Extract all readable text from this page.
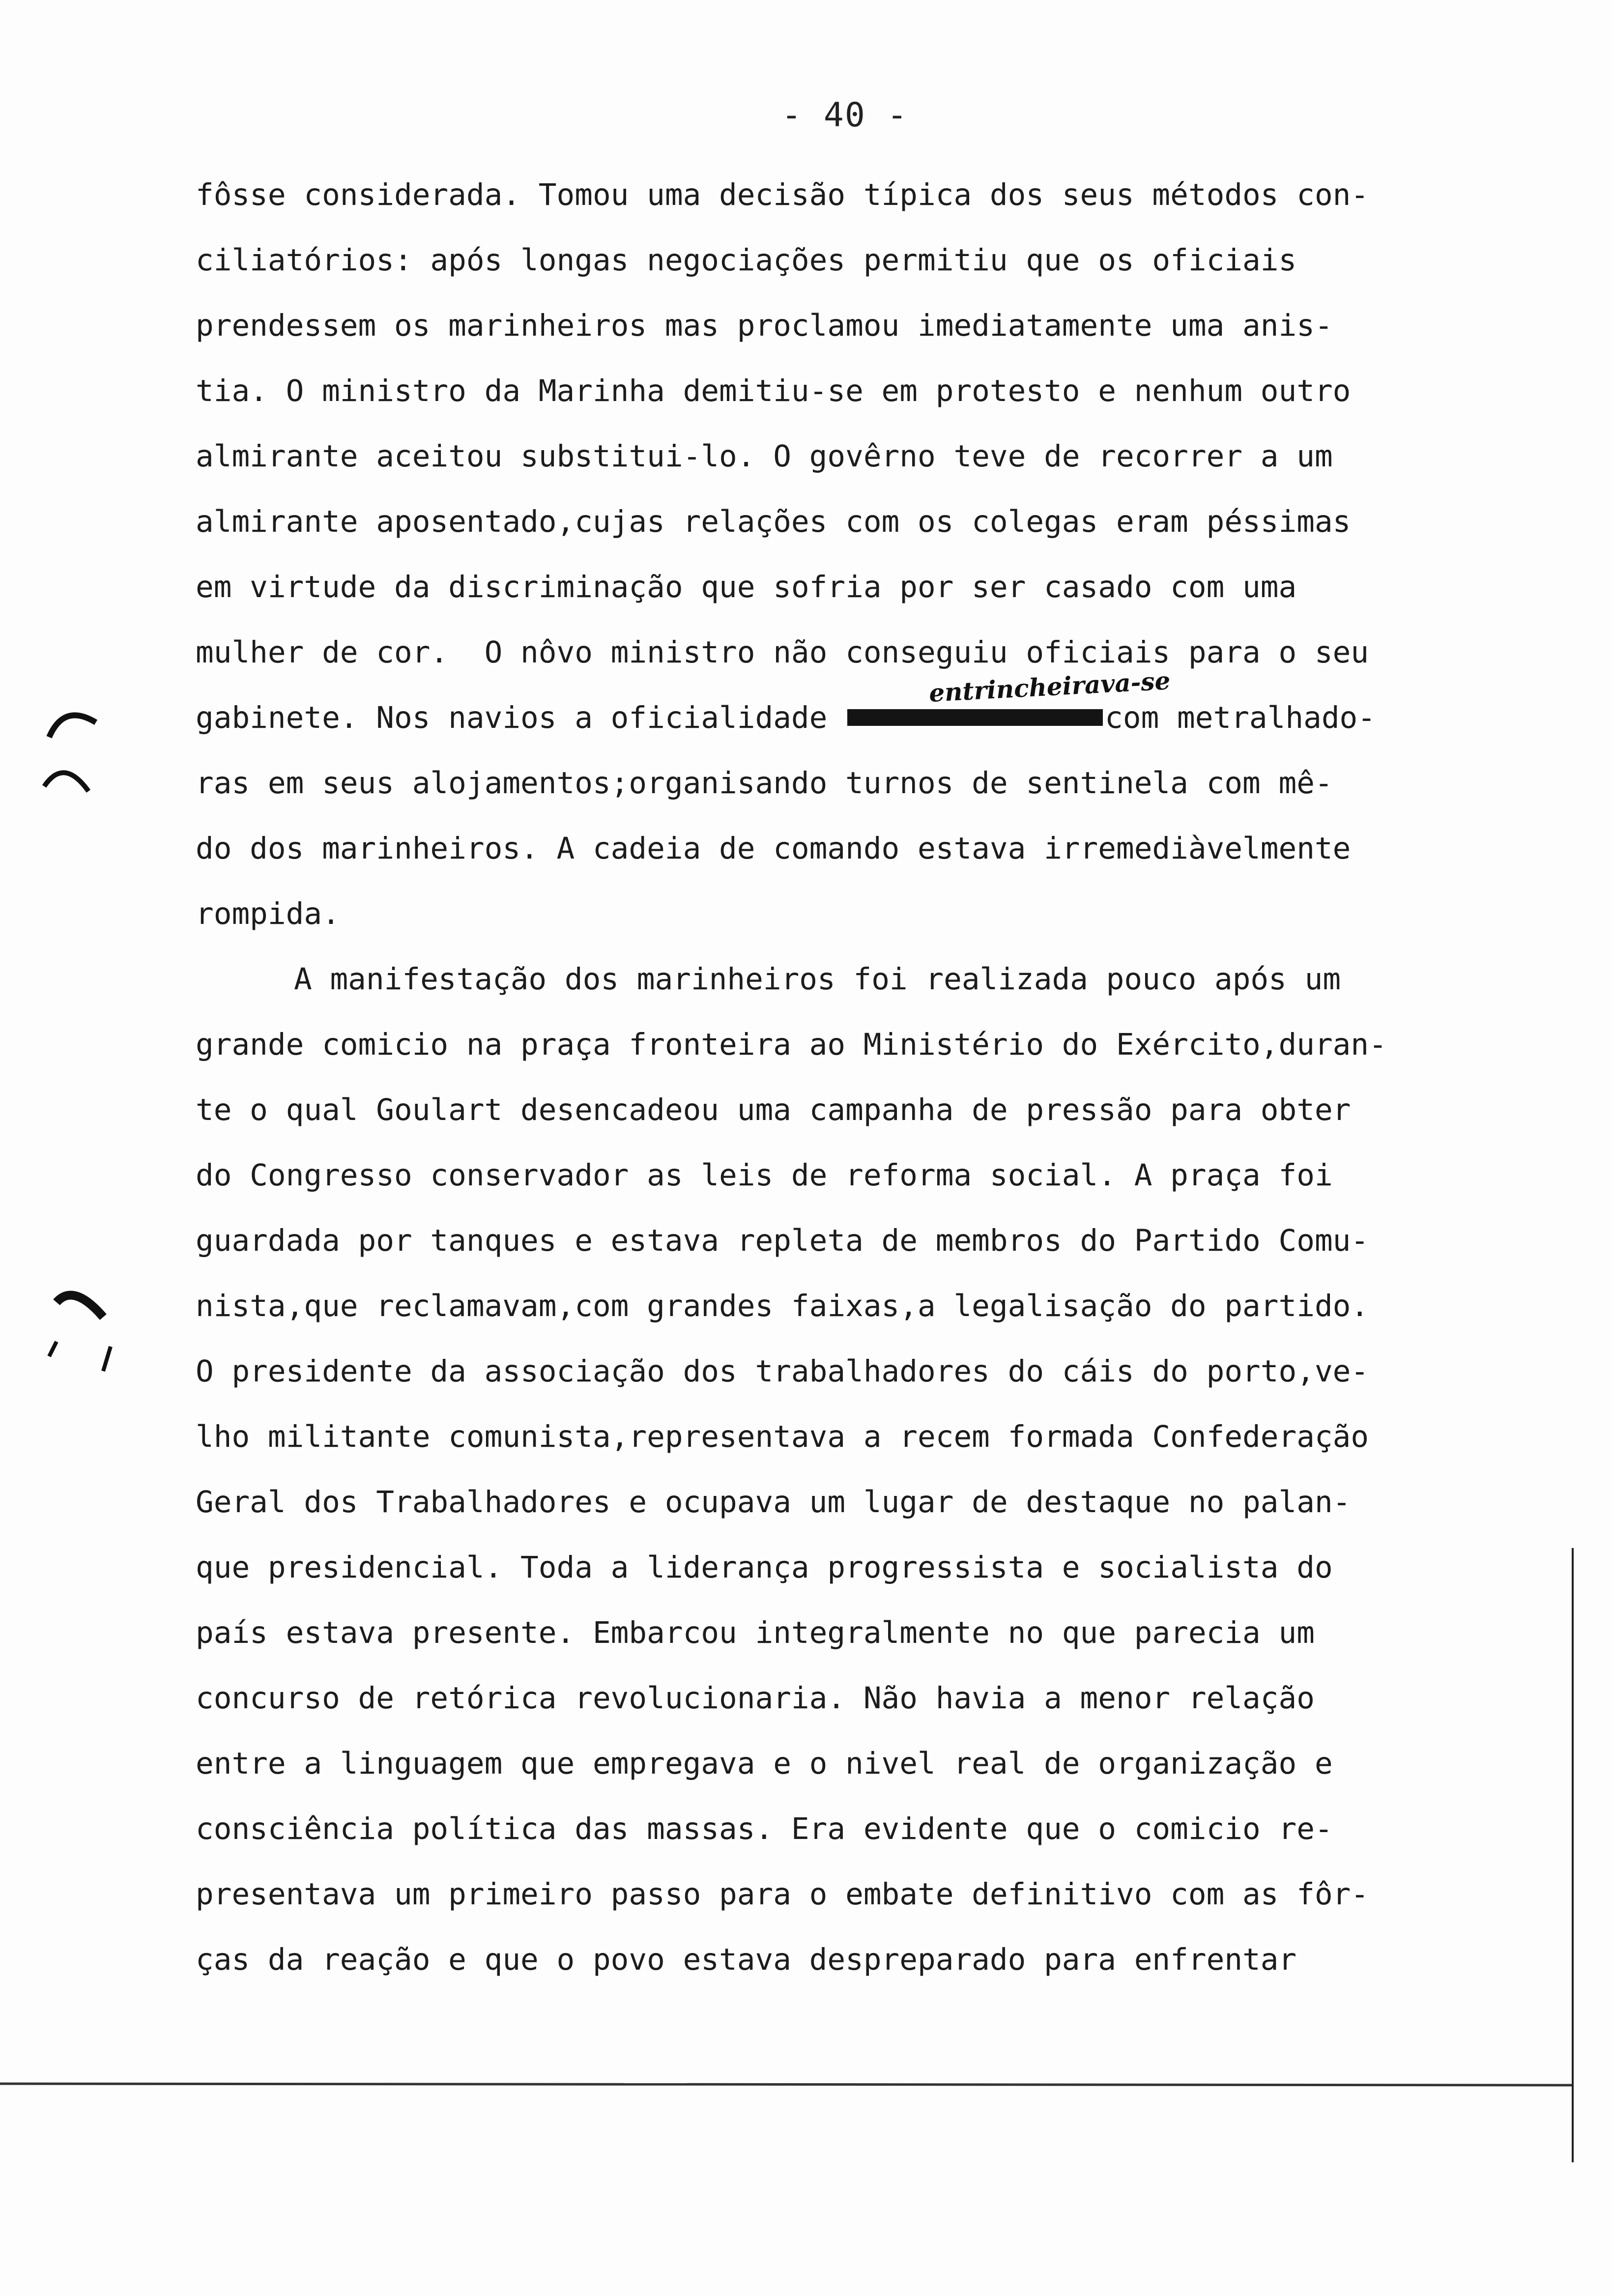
- 40 -
entrincheirava-se
fôsse considerada. Tomou uma decisão típica dos seus métodos con-
ciliatórios: após longas negociações permitiu que os oficiais
prendessem os marinheiros mas proclamou imediatamente uma anis-
tia. O ministro da Marinha demitiu-se em protesto e nenhum outro
almirante aceitou substitui-lo. O govêrno teve de recorrer a um
almirante aposentado,cujas relações com os colegas eram péssimas
em virtude da discriminação que sofria por ser casado com uma
mulher de cor.  O nôvo ministro não conseguiu oficiais para o seu
gabinete. Nos navios a oficialidade	com metralhado-
ras em seus alojamentos;organisando turnos de sentinela com mê-
do dos marinheiros. A cadeia de comando estava irremediàvelmente
rompida.
A manifestação dos marinheiros foi realizada pouco após um
grande comicio na praça fronteira ao Ministério do Exército,duran-
te o qual Goulart desencadeou uma campanha de pressão para obter
do Congresso conservador as leis de reforma social. A praça foi
guardada por tanques e estava repleta de membros do Partido Comu-
nista,que reclamavam,com grandes faixas,a legalisação do partido.
O presidente da associação dos trabalhadores do cáis do porto,ve-
lho militante comunista,representava a recem formada Confederação
Geral dos Trabalhadores e ocupava um lugar de destaque no palan-
que presidencial. Toda a liderança progressista e socialista do
país estava presente. Embarcou integralmente no que parecia um
concurso de retórica revolucionaria. Não havia a menor relação
entre a linguagem que empregava e o nivel real de organização e
consciência política das massas. Era evidente que o comicio re-
presentava um primeiro passo para o embate definitivo com as fôr-
ças da reação e que o povo estava despreparado para enfrentar
